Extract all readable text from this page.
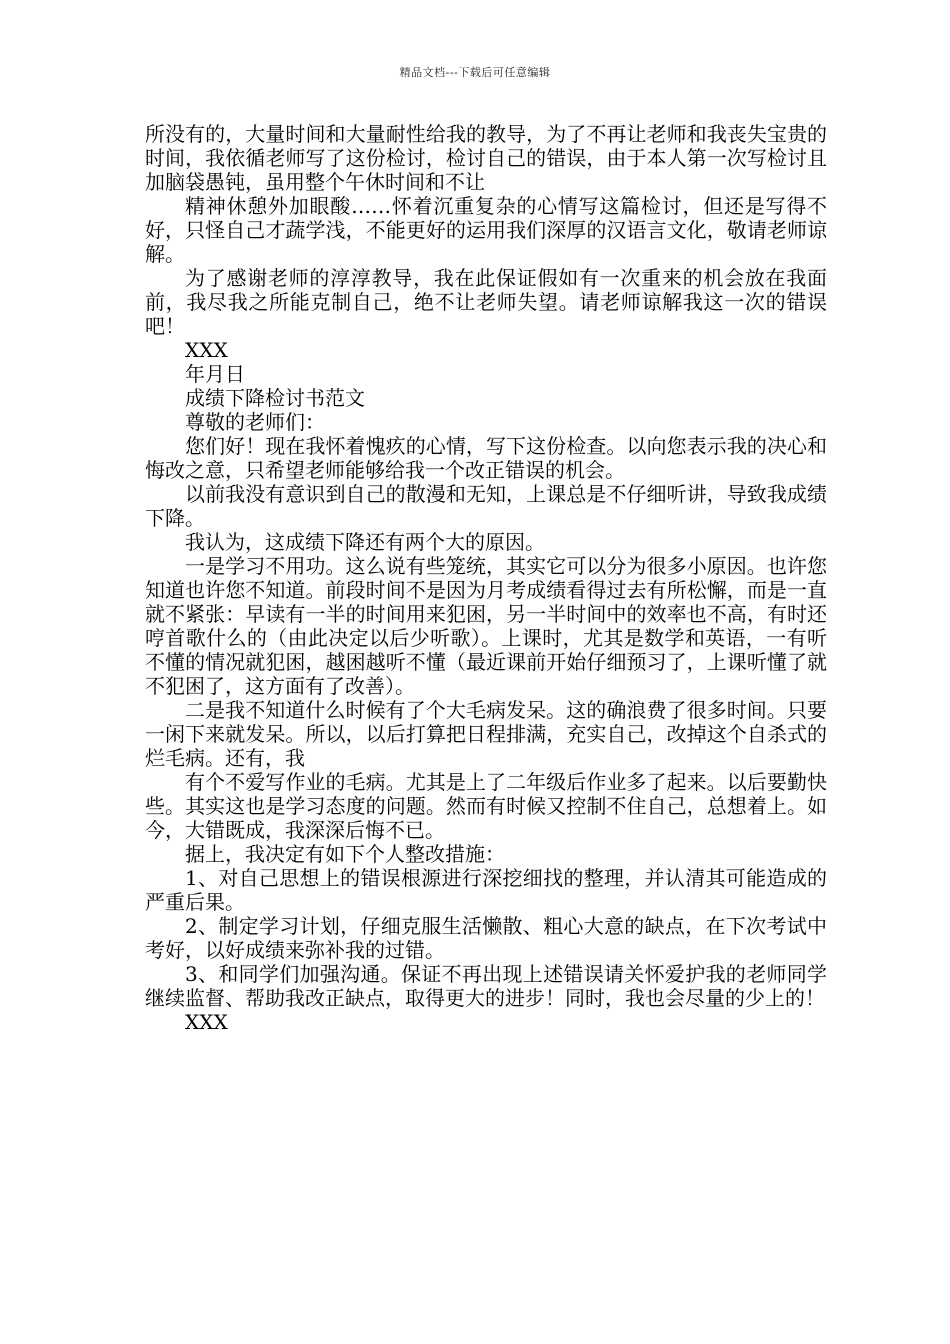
精品文档---下载后可任意编辑

所没有的，大量时间和大量耐性给我的教导，为了不再让老师和我丧失宝贵的时间，我依循老师写了这份检讨，检讨自己的错误，由于本人第一次写检讨且加脑袋愚钝，虽用整个午休时间和不让

精神休憩外加眼酸……怀着沉重复杂的心情写这篇检讨，但还是写得不好，只怪自己才蔬学浅，不能更好的运用我们深厚的汉语言文化，敬请老师谅解。

为了感谢老师的淳淳教导，我在此保证假如有一次重来的机会放在我面前，我尽我之所能克制自己，绝不让老师失望。请老师谅解我这一次的错误吧！

XXX

年月日

成绩下降检讨书范文

尊敬的老师们：

您们好！现在我怀着愧疚的心情，写下这份检查。以向您表示我的决心和悔改之意，只希望老师能够给我一个改正错误的机会。

以前我没有意识到自己的散漫和无知，上课总是不仔细听讲，导致我成绩下降。

我认为，这成绩下降还有两个大的原因。

一是学习不用功。这么说有些笼统，其实它可以分为很多小原因。也许您知道也许您不知道。前段时间不是因为月考成绩看得过去有所松懈，而是一直就不紧张：早读有一半的时间用来犯困，另一半时间中的效率也不高，有时还哼首歌什么的（由此决定以后少听歌）。上课时，尤其是数学和英语，一有听不懂的情况就犯困，越困越听不懂（最近课前开始仔细预习了，上课听懂了就不犯困了，这方面有了改善）。

二是我不知道什么时候有了个大毛病发呆。这的确浪费了很多时间。只要一闲下来就发呆。所以，以后打算把日程排满，充实自己，改掉这个自杀式的烂毛病。还有，我

有个不爱写作业的毛病。尤其是上了二年级后作业多了起来。以后要勤快些。其实这也是学习态度的问题。然而有时候又控制不住自己，总想着上。如今，大错既成，我深深后悔不已。

据上，我决定有如下个人整改措施：

1、对自己思想上的错误根源进行深挖细找的整理，并认清其可能造成的严重后果。

2、制定学习计划，仔细克服生活懒散、粗心大意的缺点，在下次考试中考好，以好成绩来弥补我的过错。

3、和同学们加强沟通。保证不再出现上述错误请关怀爱护我的老师同学继续监督、帮助我改正缺点，取得更大的进步！同时，我也会尽量的少上的！

XXX
